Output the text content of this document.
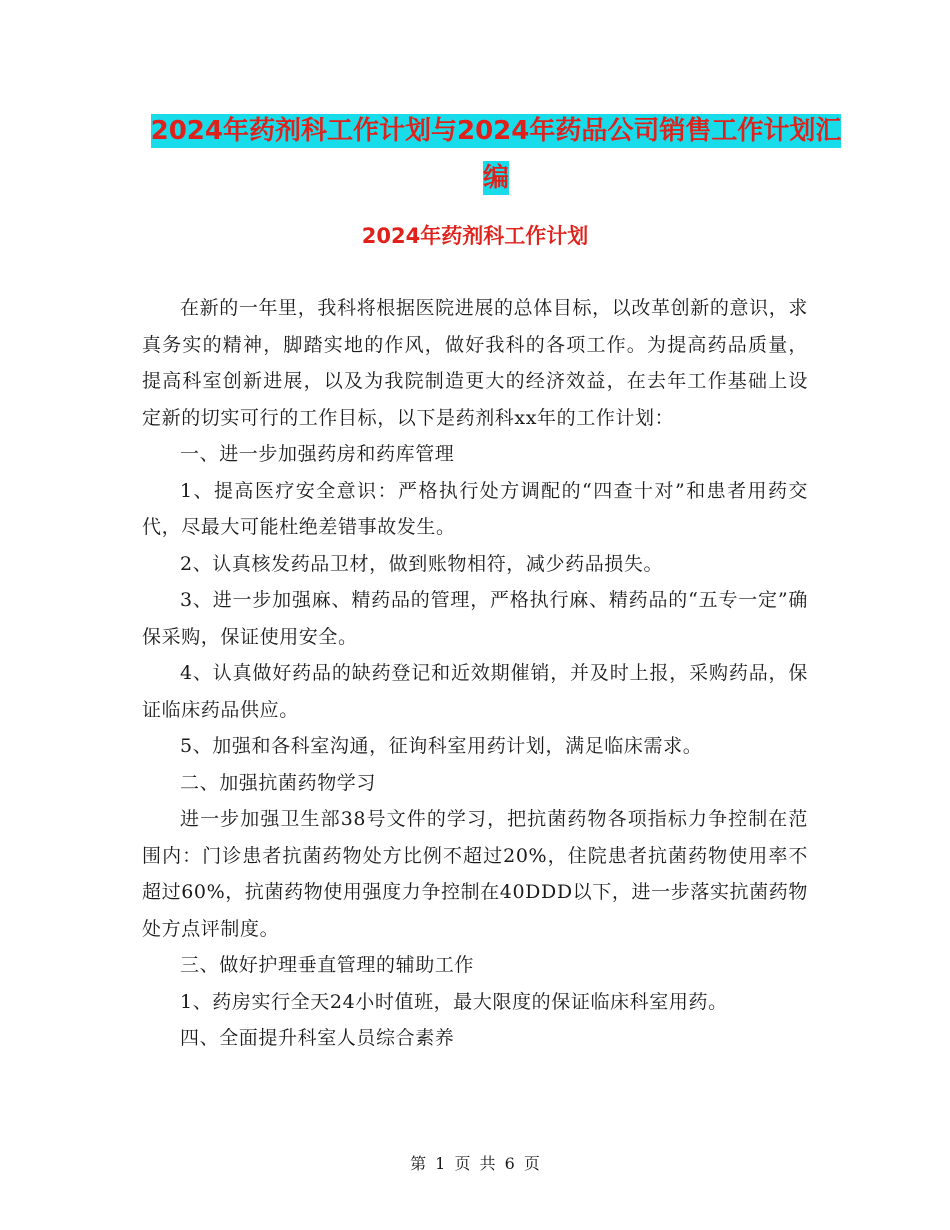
2024年药剂科工作计划与2024年药品公司销售工作计划汇编
2024年药剂科工作计划

在新的一年里，我科将根据医院进展的总体目标，以改革创新的意识，求真务实的精神，脚踏实地的作风，做好我科的各项工作。为提高药品质量，提高科室创新进展，以及为我院制造更大的经济效益，在去年工作基础上设定新的切实可行的工作目标，以下是药剂科xx年的工作计划：

一、进一步加强药房和药库管理

1、提高医疗安全意识：严格执行处方调配的“四查十对”和患者用药交代，尽最大可能杜绝差错事故发生。

2、认真核发药品卫材，做到账物相符，减少药品损失。

3、进一步加强麻、精药品的管理，严格执行麻、精药品的“五专一定”确保采购，保证使用安全。

4、认真做好药品的缺药登记和近效期催销，并及时上报，采购药品，保证临床药品供应。

5、加强和各科室沟通，征询科室用药计划，满足临床需求。

二、加强抗菌药物学习

进一步加强卫生部38号文件的学习，把抗菌药物各项指标力争控制在范围内：门诊患者抗菌药物处方比例不超过20%，住院患者抗菌药物使用率不超过60%，抗菌药物使用强度力争控制在40DDD以下，进一步落实抗菌药物处方点评制度。

三、做好护理垂直管理的辅助工作

1、药房实行全天24小时值班，最大限度的保证临床科室用药。

四、全面提升科室人员综合素养

第 1 页 共 6 页
